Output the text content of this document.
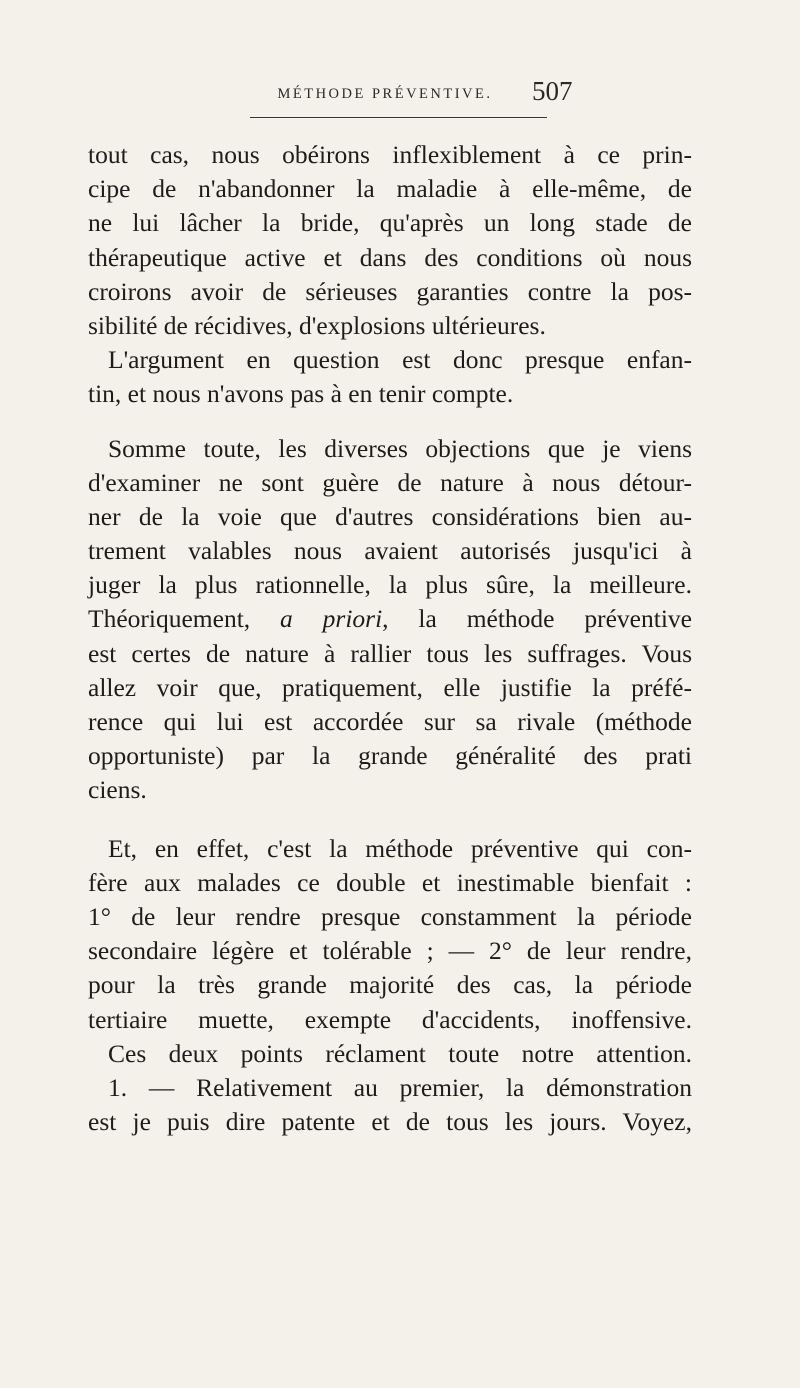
MÉTHODE PRÉVENTIVE.	507
tout cas, nous obéirons inflexiblement à ce prin-
cipe de n'abandonner la maladie à elle-même, de
ne lui lâcher la bride, qu'après un long stade de
thérapeutique active et dans des conditions où nous
croirons avoir de sérieuses garanties contre la pos-
sibilité de récidives, d'explosions ultérieures.
L'argument en question est donc presque enfan-
tin, et nous n'avons pas à en tenir compte.
Somme toute, les diverses objections que je viens
d'examiner ne sont guère de nature à nous détour-
ner de la voie que d'autres considérations bien au-
trement valables nous avaient autorisés jusqu'ici à
juger la plus rationnelle, la plus sûre, la meilleure.
Théoriquement, a priori, la méthode préventive
est certes de nature à rallier tous les suffrages. Vous
allez voir que, pratiquement, elle justifie la préfé-
rence qui lui est accordée sur sa rivale (méthode
opportuniste) par la grande généralité des prati
ciens.
Et, en effet, c'est la méthode préventive qui con-
fère aux malades ce double et inestimable bienfait :
1° de leur rendre presque constamment la période
secondaire légère et tolérable ; — 2° de leur rendre,
pour la très grande majorité des cas, la période
tertiaire muette, exempte d'accidents, inoffensive.
Ces deux points réclament toute notre attention.
1. — Relativement au premier, la démonstration
est je puis dire patente et de tous les jours. Voyez,
